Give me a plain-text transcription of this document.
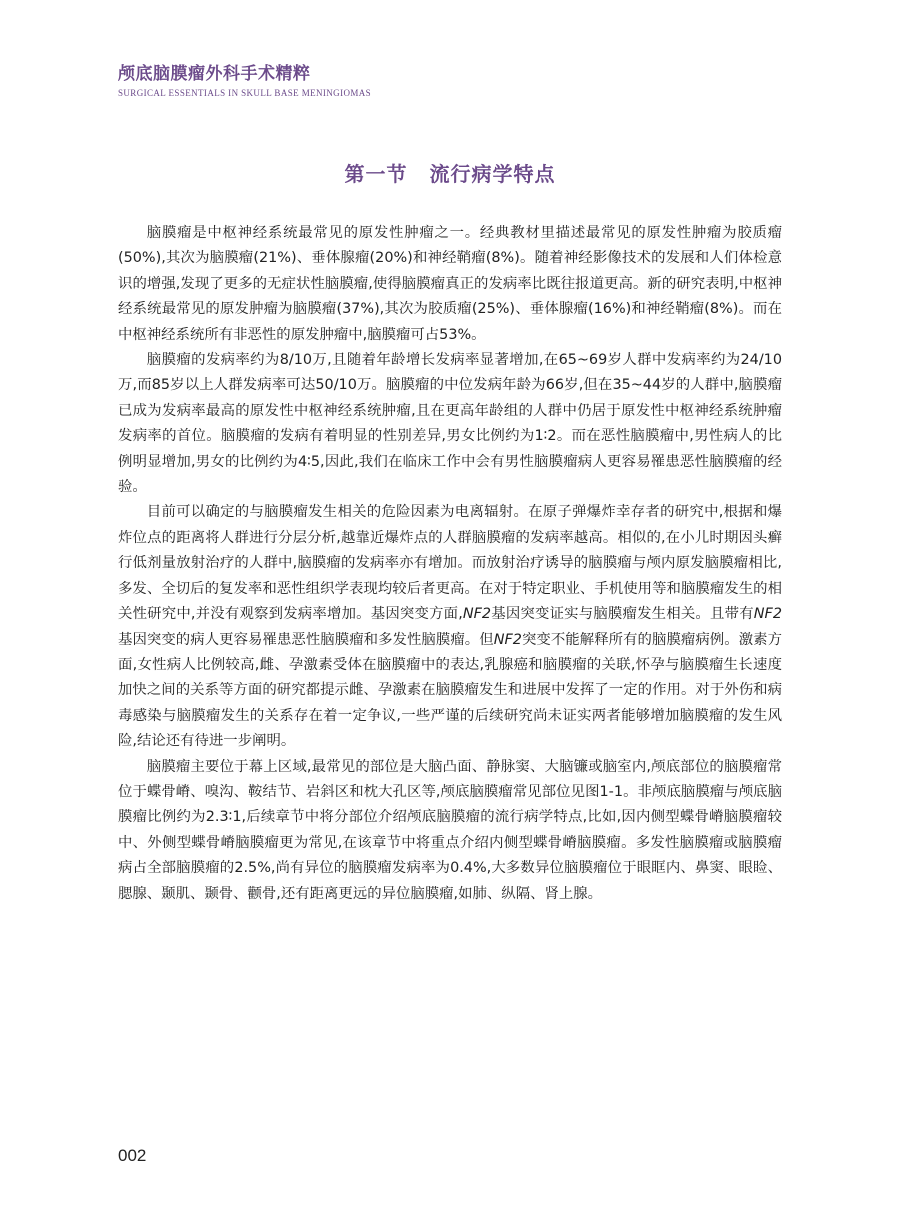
颅底脑膜瘤外科手术精粹
SURGICAL ESSENTIALS IN SKULL BASE MENINGIOMAS
第一节 流行病学特点

脑膜瘤是中枢神经系统最常见的原发性肿瘤之一。经典教材里描述最常见的原发性肿瘤为胶质瘤(50%),其次为脑膜瘤(21%)、垂体腺瘤(20%)和神经鞘瘤(8%)。随着神经影像技术的发展和人们体检意识的增强,发现了更多的无症状性脑膜瘤,使得脑膜瘤真正的发病率比既往报道更高。新的研究表明,中枢神经系统最常见的原发肿瘤为脑膜瘤(37%),其次为胶质瘤(25%)、垂体腺瘤(16%)和神经鞘瘤(8%)。而在中枢神经系统所有非恶性的原发肿瘤中,脑膜瘤可占53%。

脑膜瘤的发病率约为8/10万,且随着年龄增长发病率显著增加,在65~69岁人群中发病率约为24/10万,而85岁以上人群发病率可达50/10万。脑膜瘤的中位发病年龄为66岁,但在35~44岁的人群中,脑膜瘤已成为发病率最高的原发性中枢神经系统肿瘤,且在更高年龄组的人群中仍居于原发性中枢神经系统肿瘤发病率的首位。脑膜瘤的发病有着明显的性别差异,男女比例约为1∶2。而在恶性脑膜瘤中,男性病人的比例明显增加,男女的比例约为4∶5,因此,我们在临床工作中会有男性脑膜瘤病人更容易罹患恶性脑膜瘤的经验。

目前可以确定的与脑膜瘤发生相关的危险因素为电离辐射。在原子弹爆炸幸存者的研究中,根据和爆炸位点的距离将人群进行分层分析,越靠近爆炸点的人群脑膜瘤的发病率越高。相似的,在小儿时期因头癣行低剂量放射治疗的人群中,脑膜瘤的发病率亦有增加。而放射治疗诱导的脑膜瘤与颅内原发脑膜瘤相比,多发、全切后的复发率和恶性组织学表现均较后者更高。在对于特定职业、手机使用等和脑膜瘤发生的相关性研究中,并没有观察到发病率增加。基因突变方面,NF2基因突变证实与脑膜瘤发生相关。且带有NF2基因突变的病人更容易罹患恶性脑膜瘤和多发性脑膜瘤。但NF2突变不能解释所有的脑膜瘤病例。激素方面,女性病人比例较高,雌、孕激素受体在脑膜瘤中的表达,乳腺癌和脑膜瘤的关联,怀孕与脑膜瘤生长速度加快之间的关系等方面的研究都提示雌、孕激素在脑膜瘤发生和进展中发挥了一定的作用。对于外伤和病毒感染与脑膜瘤发生的关系存在着一定争议,一些严谨的后续研究尚未证实两者能够增加脑膜瘤的发生风险,结论还有待进一步阐明。

脑膜瘤主要位于幕上区域,最常见的部位是大脑凸面、静脉窦、大脑镰或脑室内,颅底部位的脑膜瘤常位于蝶骨嵴、嗅沟、鞍结节、岩斜区和枕大孔区等,颅底脑膜瘤常见部位见图1-1。非颅底脑膜瘤与颅底脑膜瘤比例约为2.3∶1,后续章节中将分部位介绍颅底脑膜瘤的流行病学特点,比如,因内侧型蝶骨嵴脑膜瘤较中、外侧型蝶骨嵴脑膜瘤更为常见,在该章节中将重点介绍内侧型蝶骨嵴脑膜瘤。多发性脑膜瘤或脑膜瘤病占全部脑膜瘤的2.5%,尚有异位的脑膜瘤发病率为0.4%,大多数异位脑膜瘤位于眼眶内、鼻窦、眼睑、腮腺、颞肌、颞骨、颧骨,还有距离更远的异位脑膜瘤,如肺、纵隔、肾上腺。

002
